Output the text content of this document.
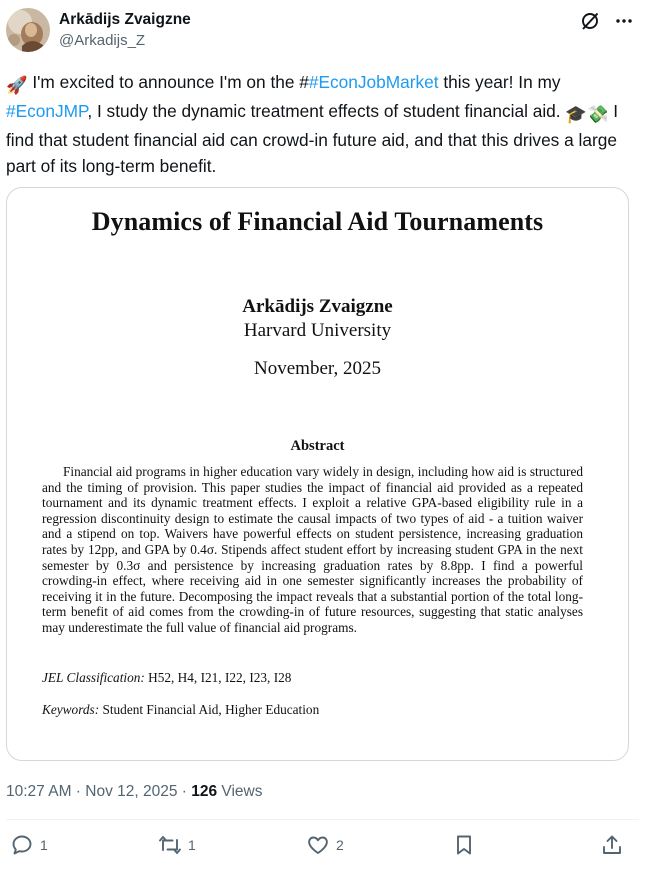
Arkādijs Zvaigzne
@Arkadijs_Z
🚀 I'm excited to announce I'm on the ##EconJobMarket this year! In my #EconJMP, I study the dynamic treatment effects of student financial aid. 🎓💸 I find that student financial aid can crowd-in future aid, and that this drives a large part of its long-term benefit.
Dynamics of Financial Aid Tournaments
Arkādijs Zvaigzne
Harvard University
November, 2025
Abstract
Financial aid programs in higher education vary widely in design, including how aid is structured and the timing of provision. This paper studies the impact of financial aid provided as a repeated tournament and its dynamic treatment effects. I exploit a relative GPA-based eligibility rule in a regression discontinuity design to estimate the causal impacts of two types of aid - a tuition waiver and a stipend on top. Waivers have powerful effects on student persistence, increasing graduation rates by 12pp, and GPA by 0.4σ. Stipends affect student effort by increasing student GPA in the next semester by 0.3σ and persistence by increasing graduation rates by 8.8pp. I find a powerful crowding-in effect, where receiving aid in one semester significantly increases the probability of receiving it in the future. Decomposing the impact reveals that a substantial portion of the total long-term benefit of aid comes from the crowding-in of future resources, suggesting that static analyses may underestimate the full value of financial aid programs.
JEL Classification: H52, H4, I21, I22, I23, I28
Keywords: Student Financial Aid, Higher Education
10:27 AM · Nov 12, 2025 · 126 Views
1	1	2
